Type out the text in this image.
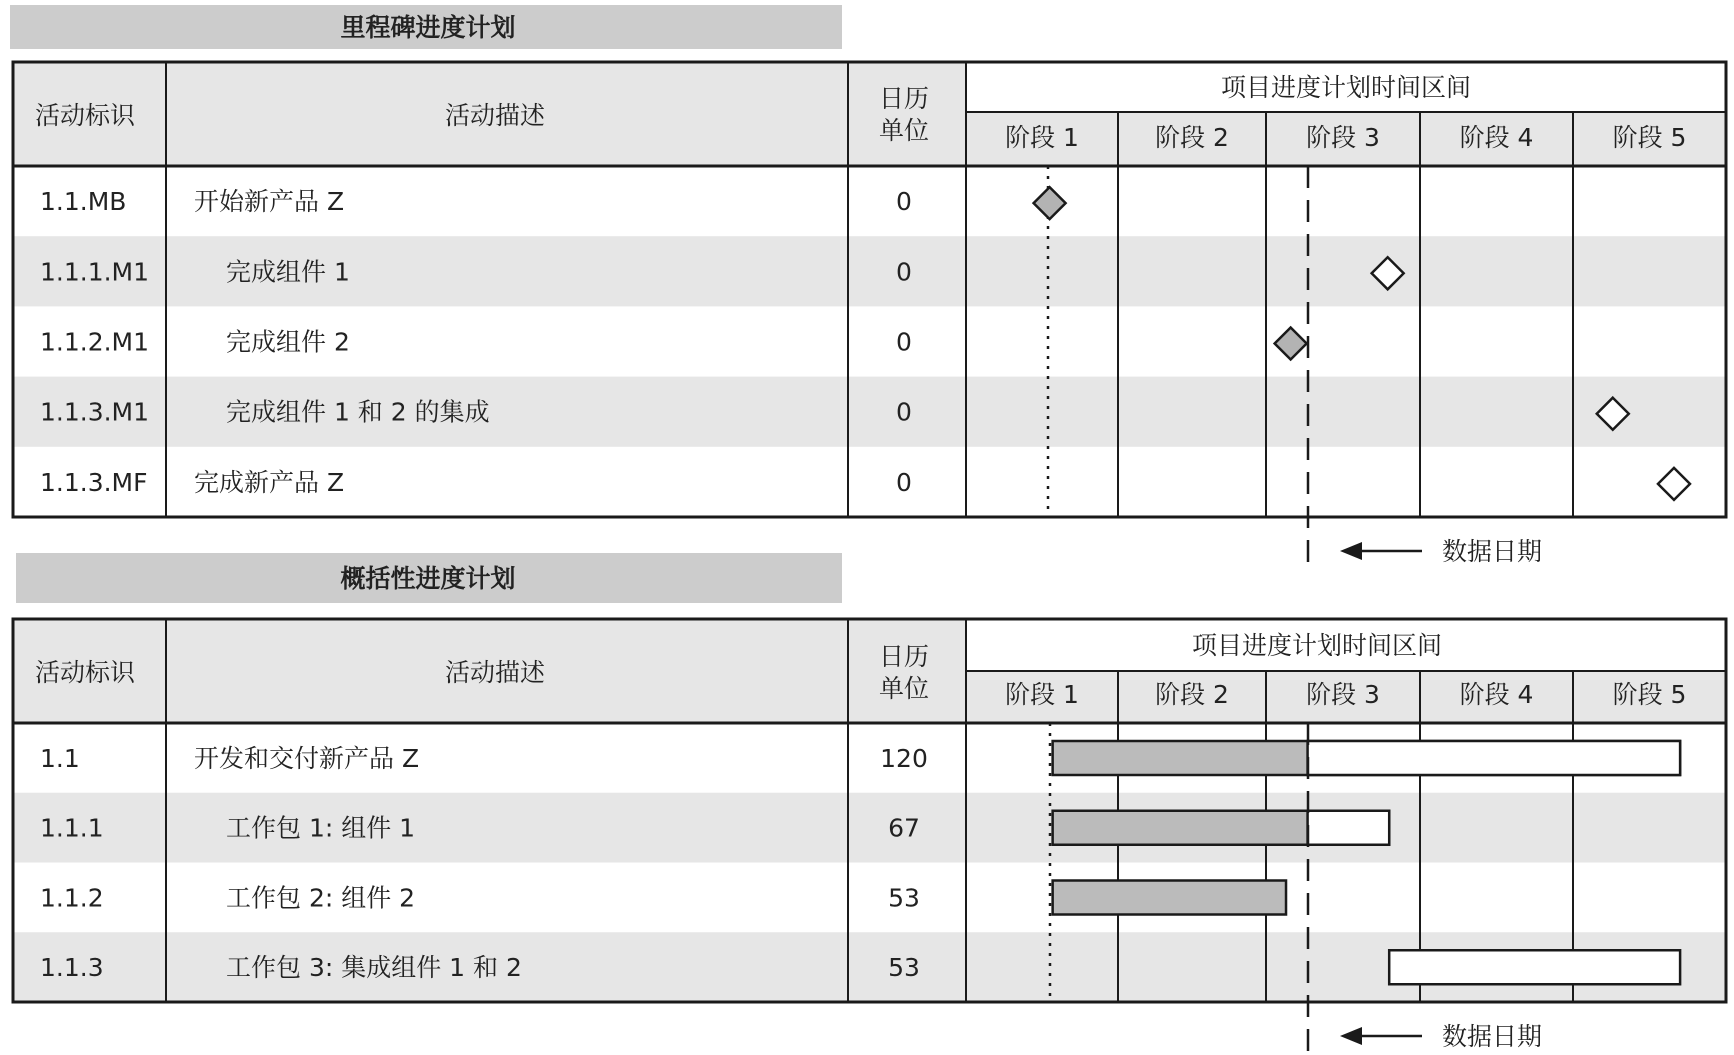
里程碑进度计划
活动标识	活动描述
日历
单位
项目进度计划时间区间
阶段 1	阶段 2	阶段 3	阶段 4	阶段 5
1.1.MB	开始新产品 Z	0
1.1.1.M1	完成组件 1	0
1.1.2.M1	完成组件 2	0
1.1.3.M1	完成组件 1 和 2 的集成	0
1.1.3.MF 完成新产品 Z	0
数据日期
概括性进度计划
活动标识	活动描述
日历
单位
项目进度计划时间区间
阶段 1	阶段 2	阶段 3	阶段 4	阶段 5
1.1	开发和交付新产品 Z	120
1.1.1	工作包 1: 组件 1	67
1.1.2	工作包 2: 组件 2	53
1.1.3	工作包 3: 集成组件 1 和 2	53
数据日期
